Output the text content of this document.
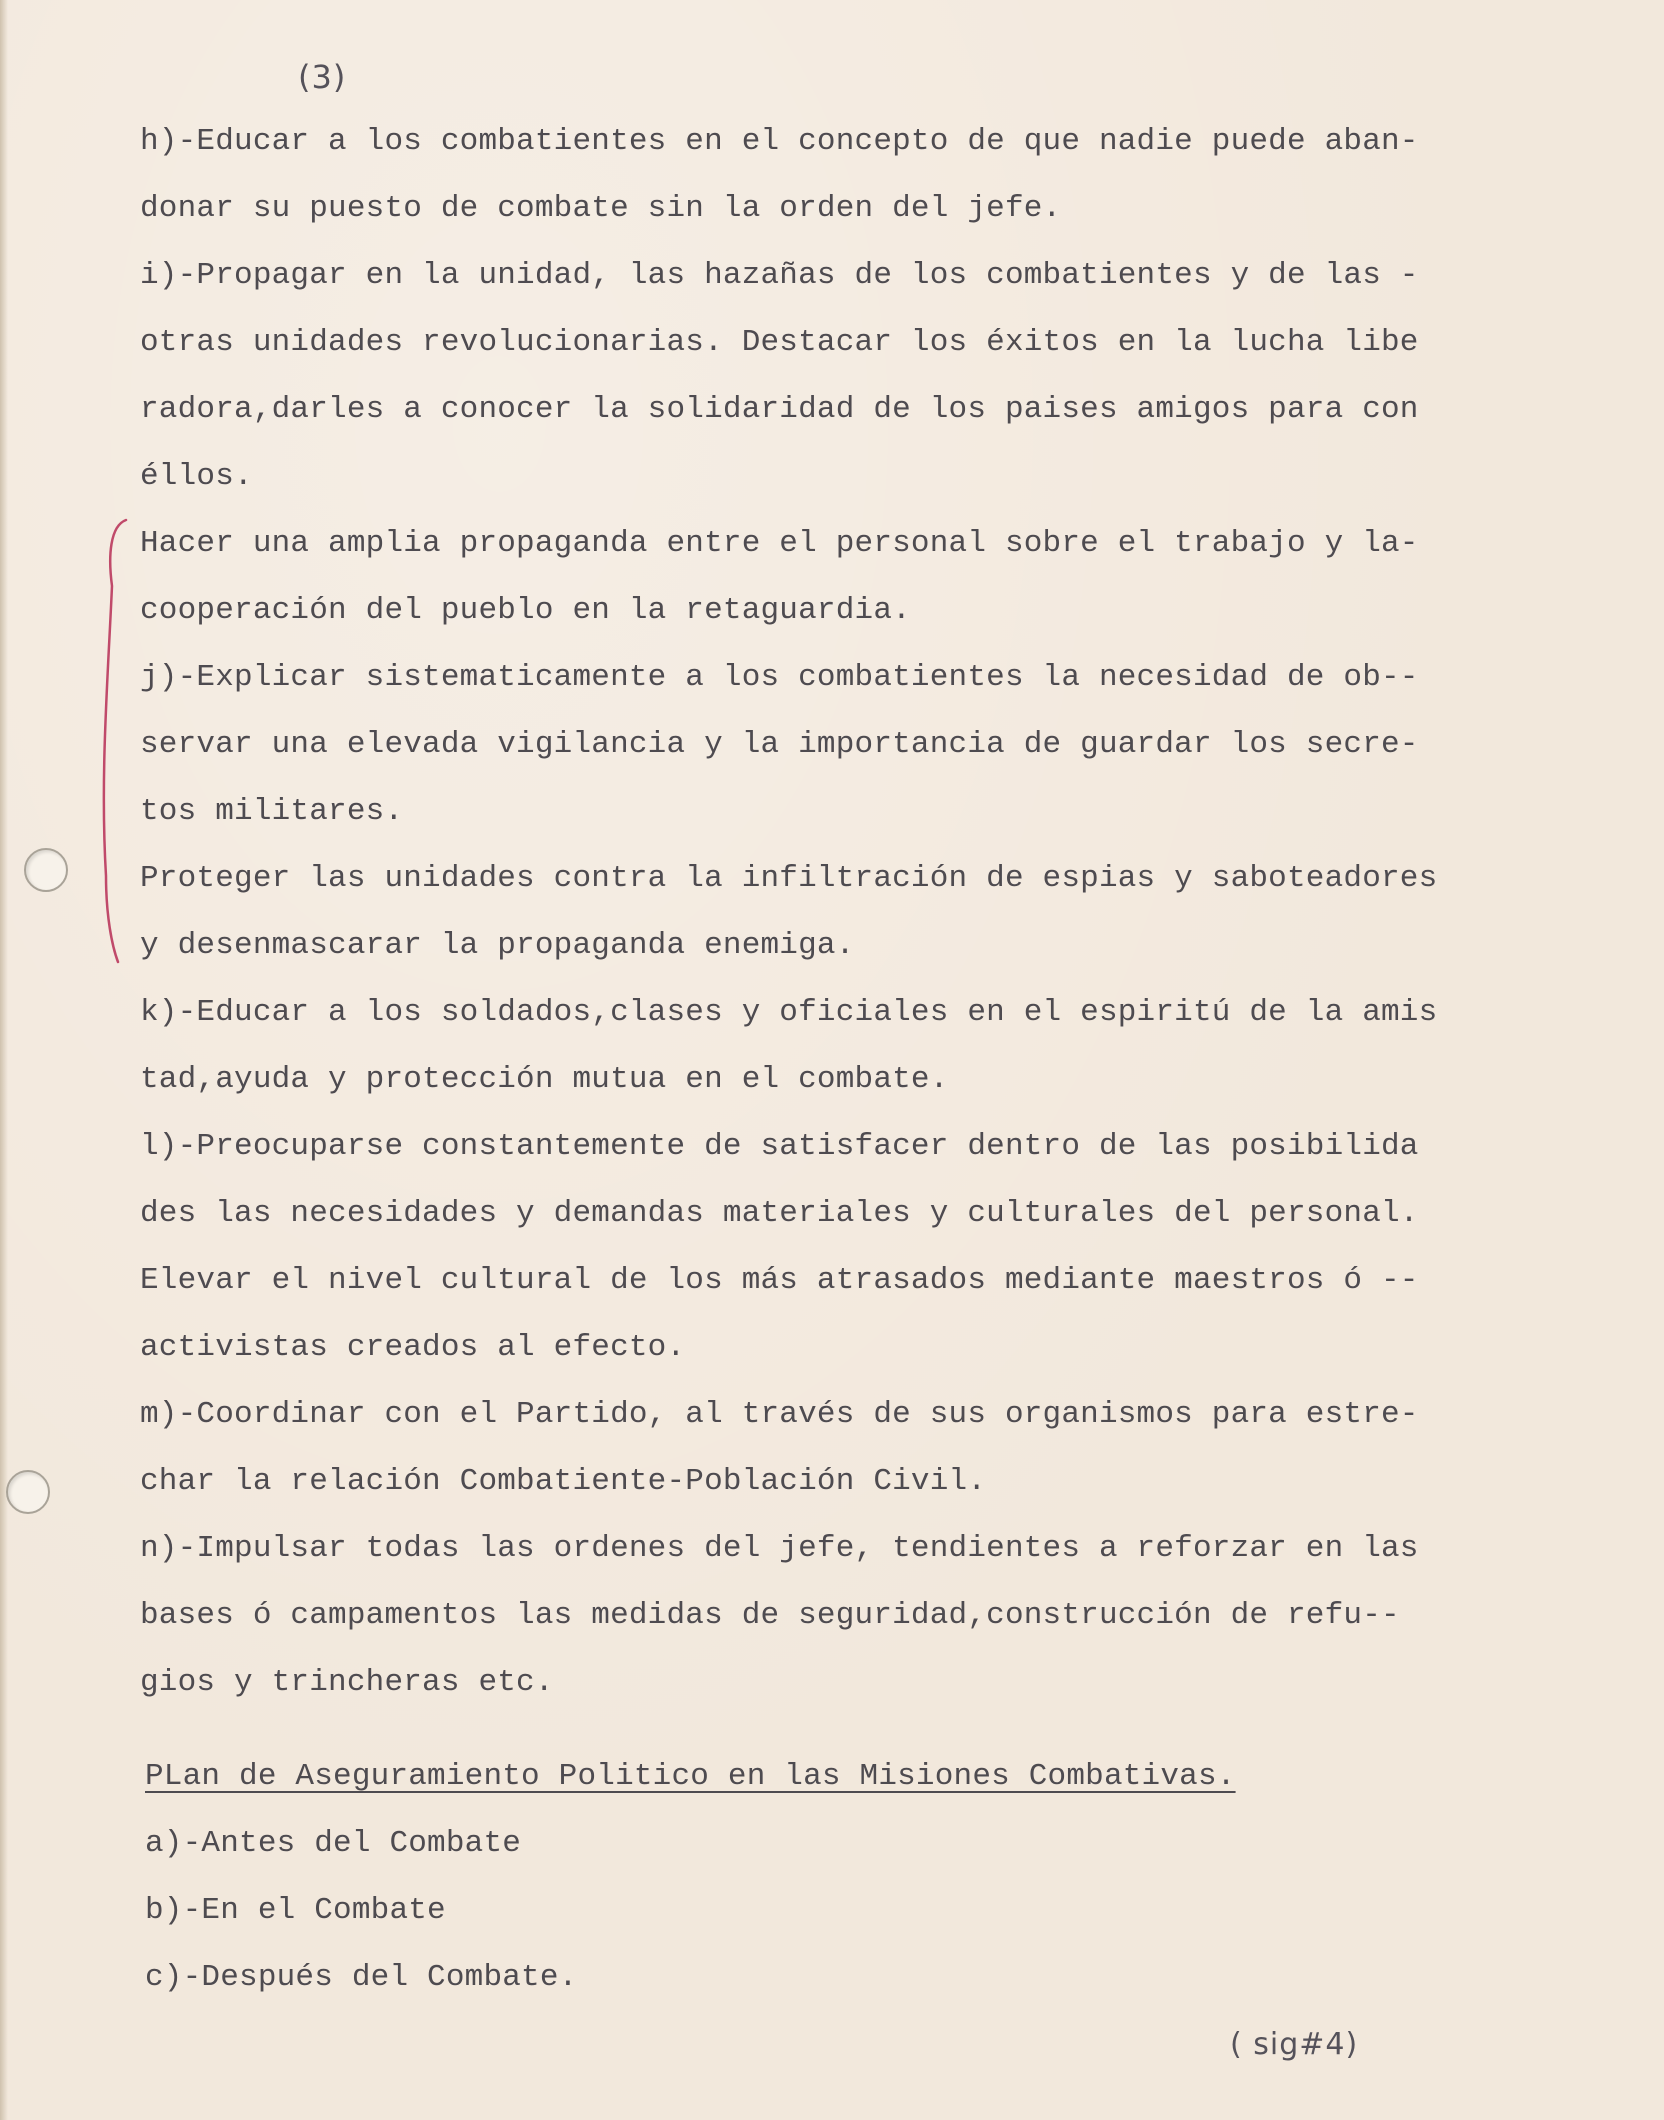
(3)
h)-Educar a los combatientes en el concepto de que nadie puede aban-
donar su puesto de combate sin la orden del jefe.
i)-Propagar en la unidad, las hazañas de los combatientes y de las -
otras unidades revolucionarias. Destacar los éxitos en la lucha libe
radora,darles a conocer la solidaridad de los paises amigos para con
éllos.
Hacer una amplia propaganda entre el personal sobre el trabajo y la-
cooperación del pueblo en la retaguardia.
j)-Explicar sistematicamente a los combatientes la necesidad de ob--
servar una elevada vigilancia y la importancia de guardar los secre-
tos militares.
Proteger las unidades contra la infiltración de espias y saboteadores
y desenmascarar la propaganda enemiga.
k)-Educar a los soldados,clases y oficiales en el espiritú de la amis
tad,ayuda y protección mutua en el combate.
l)-Preocuparse constantemente de satisfacer dentro de las posibilida
des las necesidades y demandas materiales y culturales del personal.
Elevar el nivel cultural de los más atrasados mediante maestros ó --
activistas creados al efecto.
m)-Coordinar con el Partido, al través de sus organismos para estre-
char la relación Combatiente-Población Civil.
n)-Impulsar todas las ordenes del jefe, tendientes a reforzar en las
bases ó campamentos las medidas de seguridad,construcción de refu--
gios y trincheras etc.
PLan de Aseguramiento Politico en las Misiones Combativas.
a)-Antes del Combate
b)-En el Combate
c)-Después del Combate.
( sig#4)
